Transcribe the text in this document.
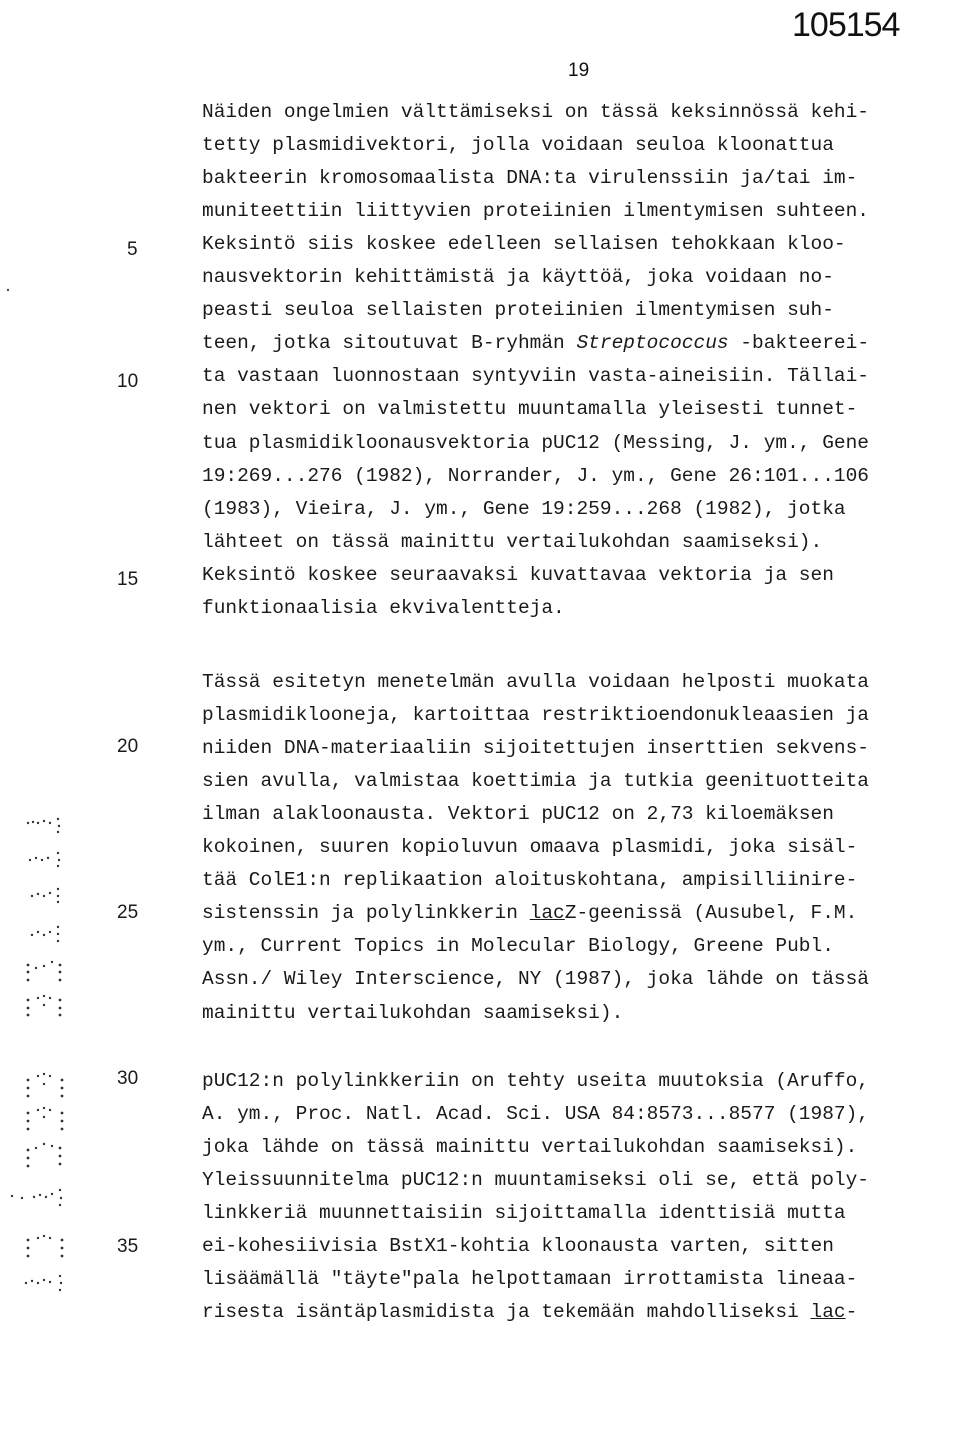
105154
19
Näiden ongelmien välttämiseksi on tässä keksinnössä kehi-
tetty plasmidivektori, jolla voidaan seuloa kloonattua
bakteerin kromosomaalista DNA:ta virulenssiin ja/tai im-
muniteettiin liittyvien proteiinien ilmentymisen suhteen.
Keksintö siis koskee edelleen sellaisen tehokkaan kloo-
nausvektorin kehittämistä ja käyttöä, joka voidaan no-
peasti seuloa sellaisten proteiinien ilmentymisen suh-
teen, jotka sitoutuvat B-ryhmän Streptococcus -bakteerei-
ta vastaan luonnostaan syntyviin vasta-aineisiin. Tällai-
nen vektori on valmistettu muuntamalla yleisesti tunnet-
tua plasmidikloonausvektoria pUC12 (Messing, J. ym., Gene
19:269...276 (1982), Norrander, J. ym., Gene 26:101...106
(1983), Vieira, J. ym., Gene 19:259...268 (1982), jotka
lähteet on tässä mainittu vertailukohdan saamiseksi).
Keksintö koskee seuraavaksi kuvattavaa vektoria ja sen
funktionaalisia ekvivalentteja.
Tässä esitetyn menetelmän avulla voidaan helposti muokata
plasmidiklooneja, kartoittaa restriktioendonukleaasien ja
niiden DNA-materiaaliin sijoitettujen inserttien sekvens-
sien avulla, valmistaa koettimia ja tutkia geenituotteita
ilman alakloonausta. Vektori pUC12 on 2,73 kiloemäksen
kokoinen, suuren kopioluvun omaava plasmidi, joka sisäl-
tää ColE1:n replikaation aloituskohtana, ampisilliinire-
sistenssin ja polylinkkerin lacZ-geenissä (Ausubel, F.M.
ym., Current Topics in Molecular Biology, Greene Publ.
Assn./ Wiley Interscience, NY (1987), joka lähde on tässä
mainittu vertailukohdan saamiseksi).
pUC12:n polylinkkeriin on tehty useita muutoksia (Aruffo,
A. ym., Proc. Natl. Acad. Sci. USA 84:8573...8577 (1987),
joka lähde on tässä mainittu vertailukohdan saamiseksi).
Yleissuunnitelma pUC12:n muuntamiseksi oli se, että poly-
linkkeriä muunnettaisiin sijoittamalla identtisiä mutta
ei-kohesiivisia BstX1-kohtia kloonausta varten, sitten
lisäämällä "täyte"pala helpottamaan irrottamista lineaa-
risesta isäntäplasmidista ja tekemään mahdolliseksi lac-
5
10
15
20
25
30
35
